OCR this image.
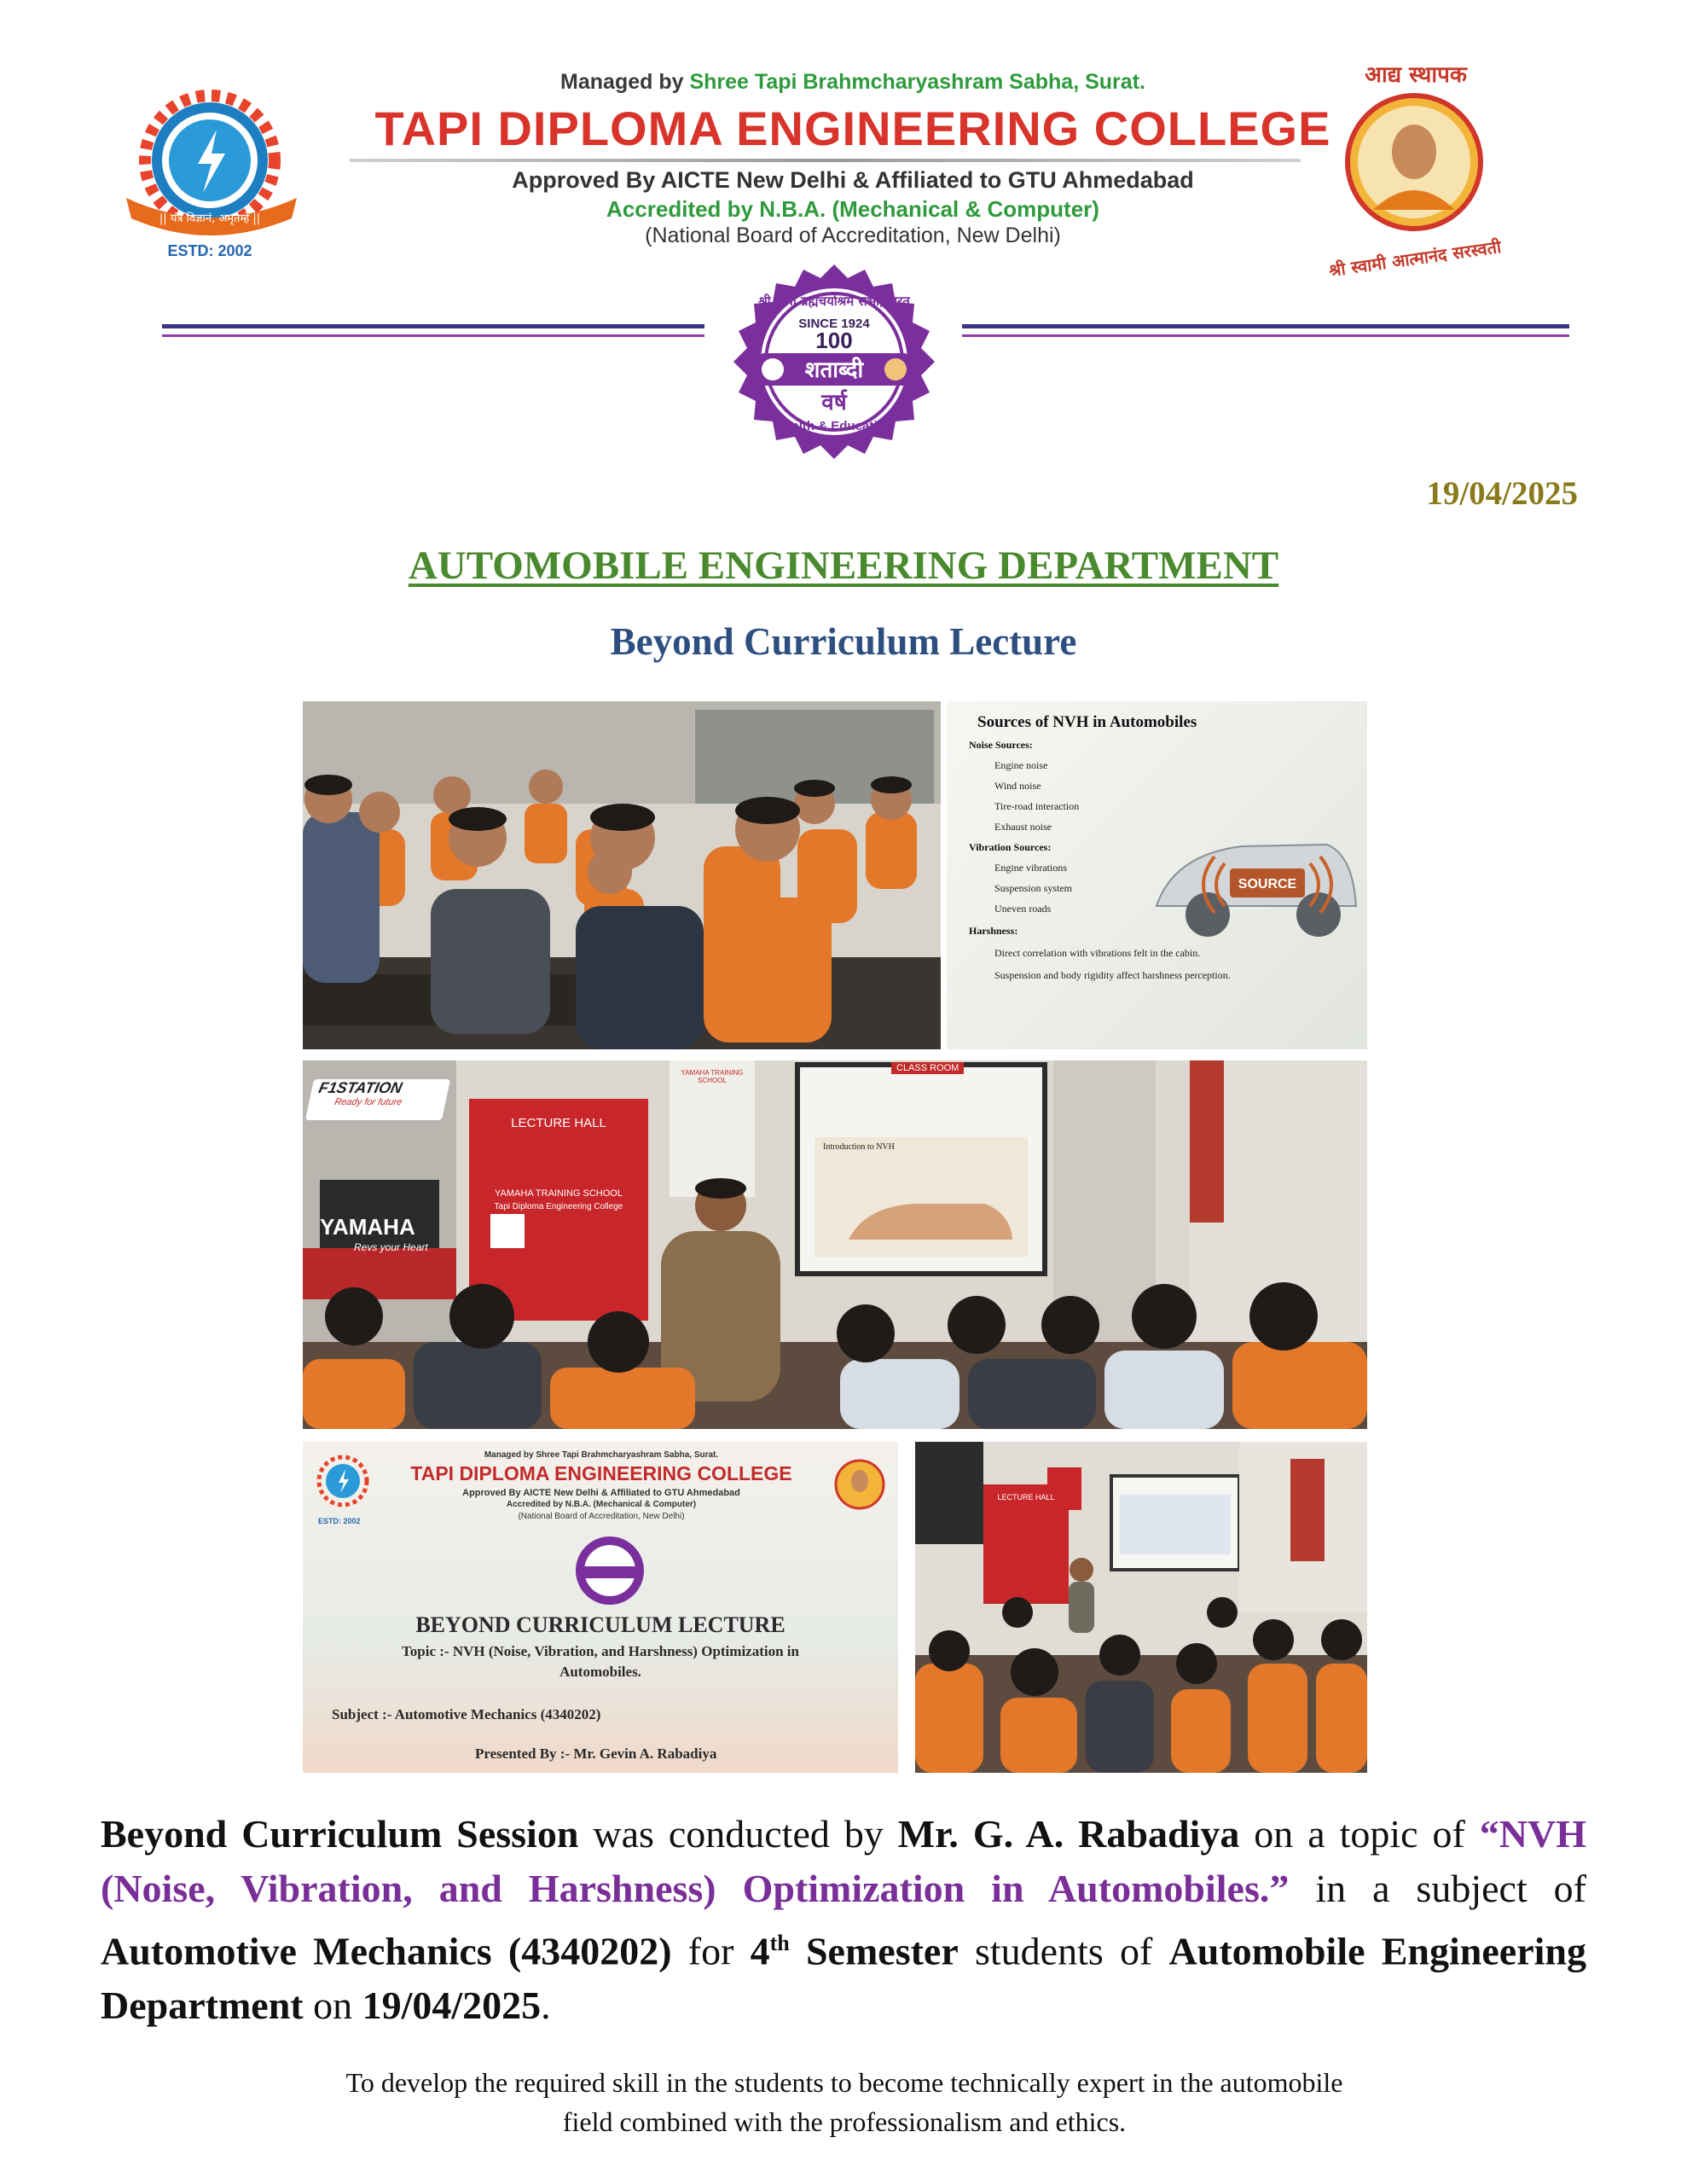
|| यंत्र विज्ञानं, अमृतम्हे ||
ESTD: 2002
Managed by Shree Tapi Brahmcharyashram Sabha, Surat.
TAPI DIPLOMA ENGINEERING COLLEGE
Approved By AICTE New Delhi & Affiliated to GTU Ahmedabad
Accredited by N.B.A. (Mechanical & Computer)
(National Board of Accreditation, New Delhi)
आद्य स्थापक
श्री स्वामी आत्मानंद सरस्वती
श्री तापी ब्रह्मचर्याश्रम सभा, सुरत
SINCE 1924
100
शताब्दी
वर्ष
Health & Education
19/04/2025
AUTOMOBILE ENGINEERING DEPARTMENT
Beyond Curriculum Lecture
Sources of NVH in Automobiles
Noise Sources:
Engine noise
Wind noise
Tire-road interaction
Exhaust noise
Vibration Sources:
Engine vibrations
Suspension system
Uneven roads
Harshness:
Direct correlation with vibrations felt in the cabin.
Suspension and body rigidity affect harshness perception.
SOURCE
F1STATION
Ready for future
YAMAHA
Revs your Heart
LECTURE HALL
YAMAHA TRAINING SCHOOL
Tapi Diploma Engineering College
YAMAHA TRAINING SCHOOL
CLASS ROOM
Introduction to NVH
ESTD: 2002
Managed by Shree Tapi Brahmcharyashram Sabha, Surat.
TAPI DIPLOMA ENGINEERING COLLEGE
Approved By AICTE New Delhi & Affiliated to GTU Ahmedabad
Accredited by N.B.A. (Mechanical & Computer)
(National Board of Accreditation, New Delhi)
BEYOND CURRICULUM LECTURE
Topic :- NVH (Noise, Vibration, and Harshness) Optimization in
Automobiles.
Subject :- Automotive Mechanics (4340202)
Presented By :- Mr. Gevin A. Rabadiya
LECTURE HALL
Beyond Curriculum Session was conducted by Mr. G. A. Rabadiya on a topic of “NVH (Noise, Vibration, and Harshness) Optimization in Automobiles.” in a subject of Automotive Mechanics (4340202) for 4th Semester students of Automobile Engineering Department on 19/04/2025.
To develop the required skill in the students to become technically expert in the automobile
field combined with the professionalism and ethics.
